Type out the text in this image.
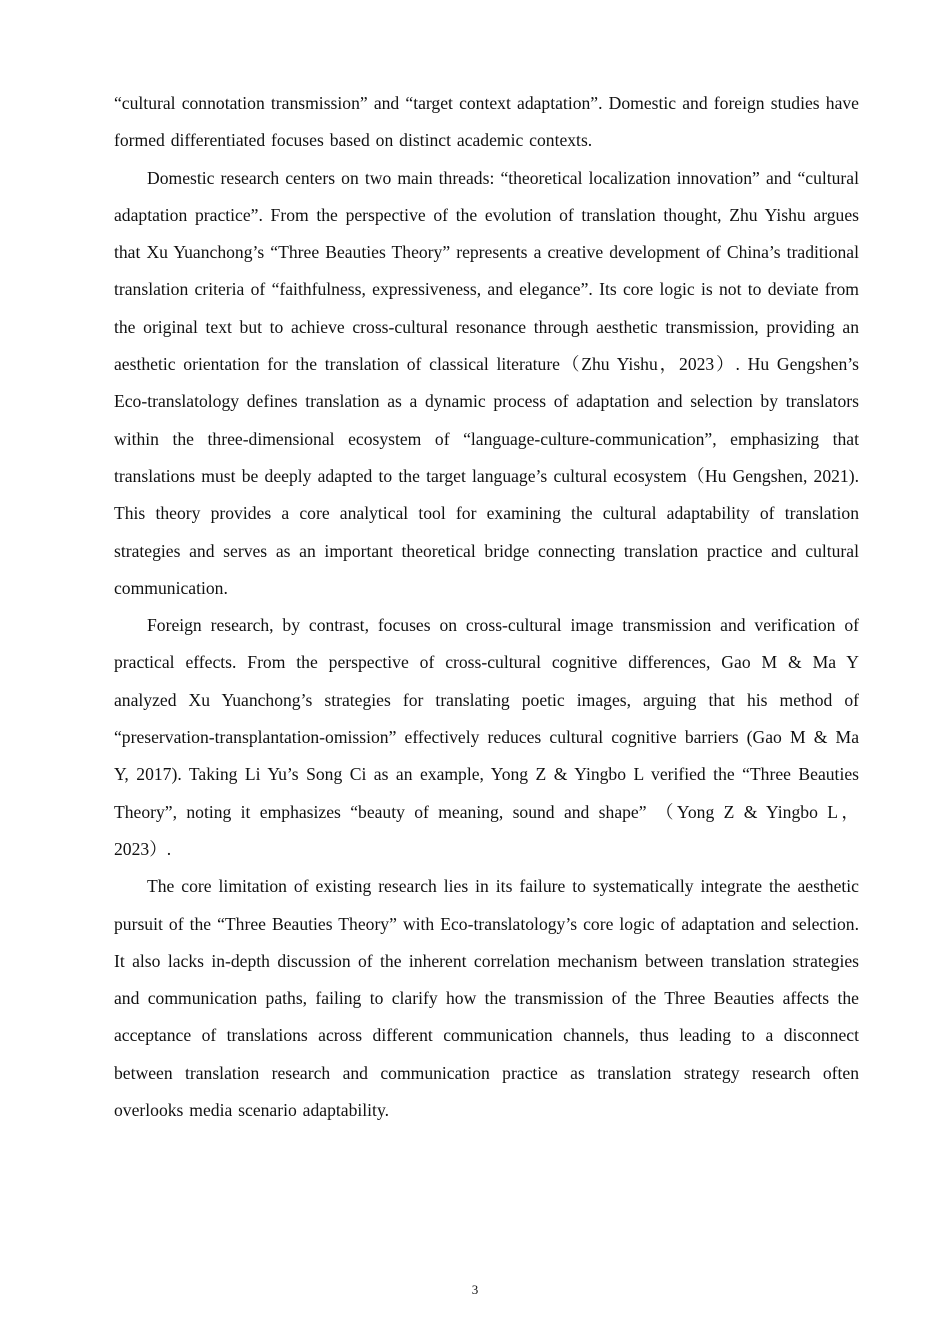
“cultural connotation transmission” and “target context adaptation”. Domestic and foreign studies have formed differentiated focuses based on distinct academic contexts.

Domestic research centers on two main threads: “theoretical localization innovation” and “cultural adaptation practice”. From the perspective of the evolution of translation thought, Zhu Yishu argues that Xu Yuanchong’s “Three Beauties Theory” represents a creative development of China’s traditional translation criteria of “faithfulness, expressiveness, and elegance”. Its core logic is not to deviate from the original text but to achieve cross-cultural resonance through aesthetic transmission, providing an aesthetic orientation for the translation of classical literature（Zhu Yishu，2023）. Hu Gengshen’s Eco-translatology defines translation as a dynamic process of adaptation and selection by translators within the three-dimensional ecosystem of “language-culture-communication”, emphasizing that translations must be deeply adapted to the target language’s cultural ecosystem（Hu Gengshen, 2021). This theory provides a core analytical tool for examining the cultural adaptability of translation strategies and serves as an important theoretical bridge connecting translation practice and cultural communication.

Foreign research, by contrast, focuses on cross-cultural image transmission and verification of practical effects. From the perspective of cross-cultural cognitive differences, Gao M & Ma Y analyzed Xu Yuanchong’s strategies for translating poetic images, arguing that his method of “preservation-transplantation-omission” effectively reduces cultural cognitive barriers (Gao M & Ma Y, 2017). Taking Li Yu’s Song Ci as an example, Yong Z & Yingbo L verified the “Three Beauties Theory”, noting it emphasizes “beauty of meaning, sound and shape” （Yong Z & Yingbo L，2023）.

The core limitation of existing research lies in its failure to systematically integrate the aesthetic pursuit of the “Three Beauties Theory” with Eco-translatology’s core logic of adaptation and selection. It also lacks in-depth discussion of the inherent correlation mechanism between translation strategies and communication paths, failing to clarify how the transmission of the Three Beauties affects the acceptance of translations across different communication channels, thus leading to a disconnect between translation research and communication practice as translation strategy research often overlooks media scenario adaptability.

3
